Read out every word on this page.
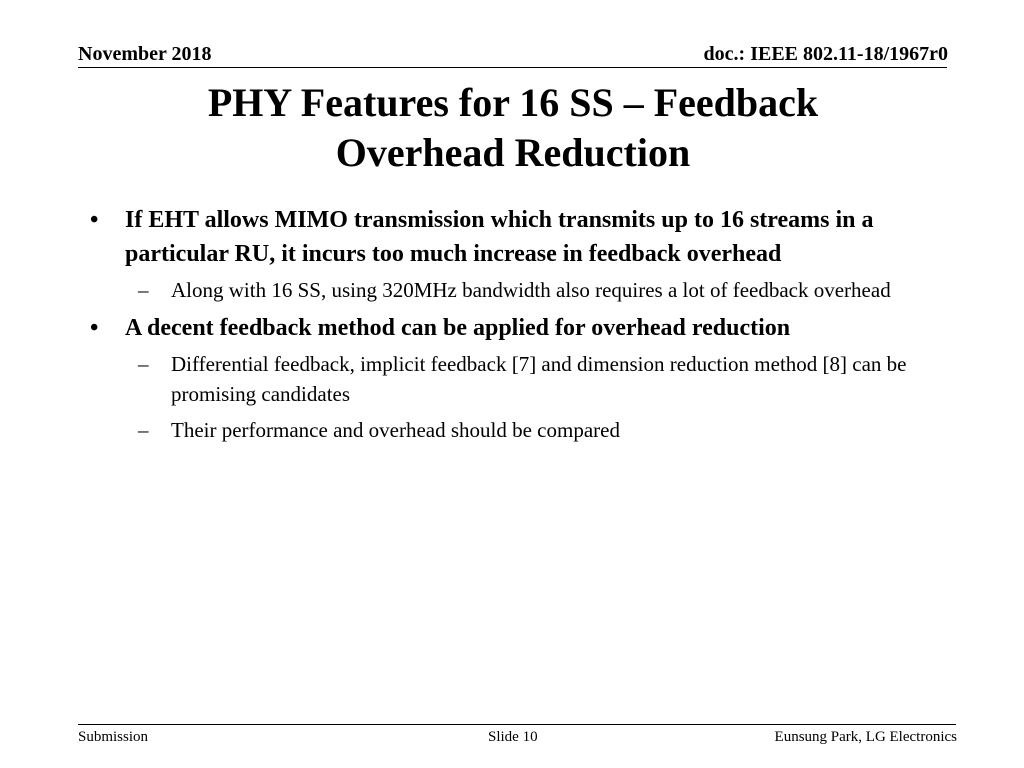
November 2018	doc.: IEEE 802.11-18/1967r0
PHY Features for 16 SS – Feedback
Overhead Reduction
• If EHT allows MIMO transmission which transmits up to 16 streams in a particular RU, it incurs too much increase in feedback overhead
– Along with 16 SS, using 320MHz bandwidth also requires a lot of feedback overhead
• A decent feedback method can be applied for overhead reduction
– Differential feedback, implicit feedback [7] and dimension reduction method [8] can be promising candidates
– Their performance and overhead should be compared
Submission	Slide 10	Eunsung Park, LG Electronics
